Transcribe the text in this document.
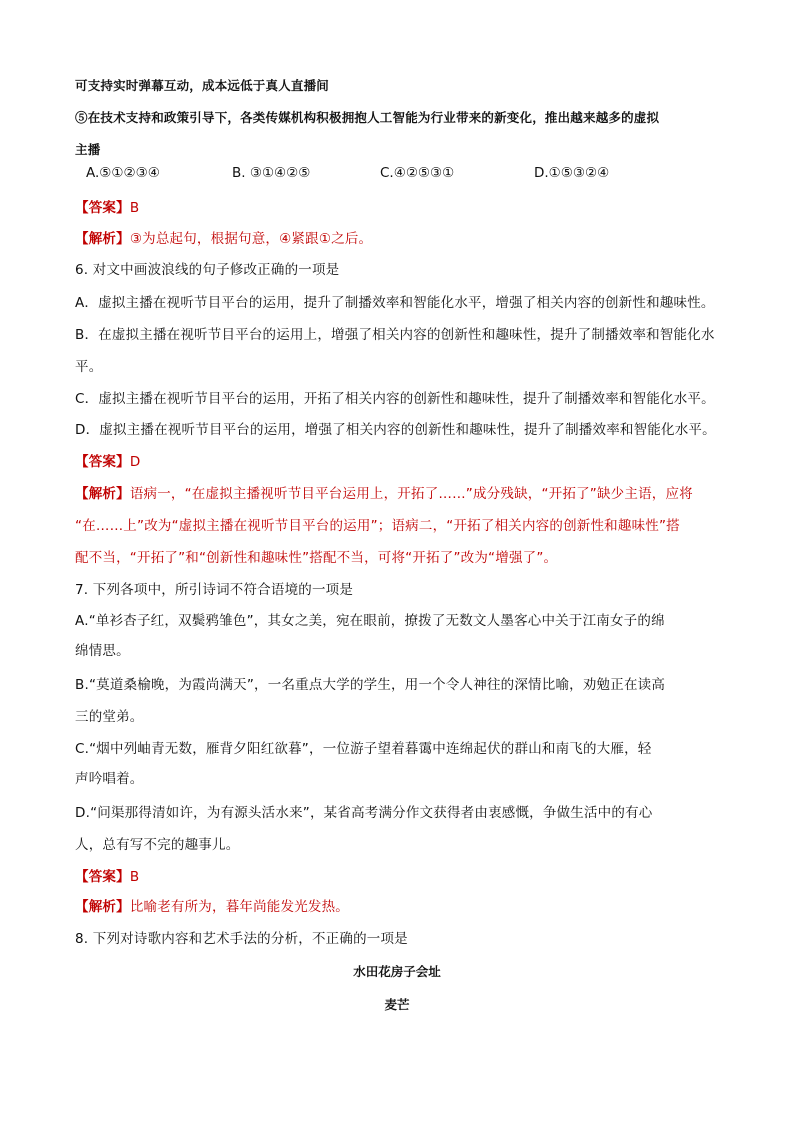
可支持实时弹幕互动，成本远低于真人直播间
⑤在技术支持和政策引导下，各类传媒机构积极拥抱人工智能为行业带来的新变化，推出越来越多的虚拟
主播
A.⑤①②③④	B. ③①④②⑤	C.④②⑤③①	D.①⑤③②④
【答案】B
【解析】③为总起句，根据句意，④紧跟①之后。
6. 对文中画波浪线的句子修改正确的一项是
A．虚拟主播在视听节目平台的运用，提升了制播效率和智能化水平，增强了相关内容的创新性和趣味性。
B．在虚拟主播在视听节目平台的运用上，增强了相关内容的创新性和趣味性，提升了制播效率和智能化水
平。
C．虚拟主播在视听节目平台的运用，开拓了相关内容的创新性和趣味性，提升了制播效率和智能化水平。
D．虚拟主播在视听节目平台的运用，增强了相关内容的创新性和趣味性，提升了制播效率和智能化水平。
【答案】D
【解析】语病一，“在虚拟主播视听节目平台运用上，开拓了……”成分残缺，“开拓了”缺少主语，应将
“在……上”改为“虚拟主播在视听节目平台的运用”；语病二，“开拓了相关内容的创新性和趣味性”搭
配不当，“开拓了”和“创新性和趣味性”搭配不当，可将“开拓了”改为“增强了”。
7. 下列各项中，所引诗词不符合语境的一项是
A.“单衫杏子红，双鬓鸦雏色”，其女之美，宛在眼前，撩拨了无数文人墨客心中关于江南女子的绵
绵情思。
B.“莫道桑榆晚，为霞尚满天”，一名重点大学的学生，用一个令人神往的深情比喻，劝勉正在读高
三的堂弟。
C.“烟中列岫青无数，雁背夕阳红欲暮”，一位游子望着暮霭中连绵起伏的群山和南飞的大雁，轻
声吟唱着。
D.“问渠那得清如许，为有源头活水来”，某省高考满分作文获得者由衷感慨，争做生活中的有心
人，总有写不完的趣事儿。
【答案】B
【解析】比喻老有所为，暮年尚能发光发热。
8. 下列对诗歌内容和艺术手法的分析，不正确的一项是
水田花房子会址
麦芒
